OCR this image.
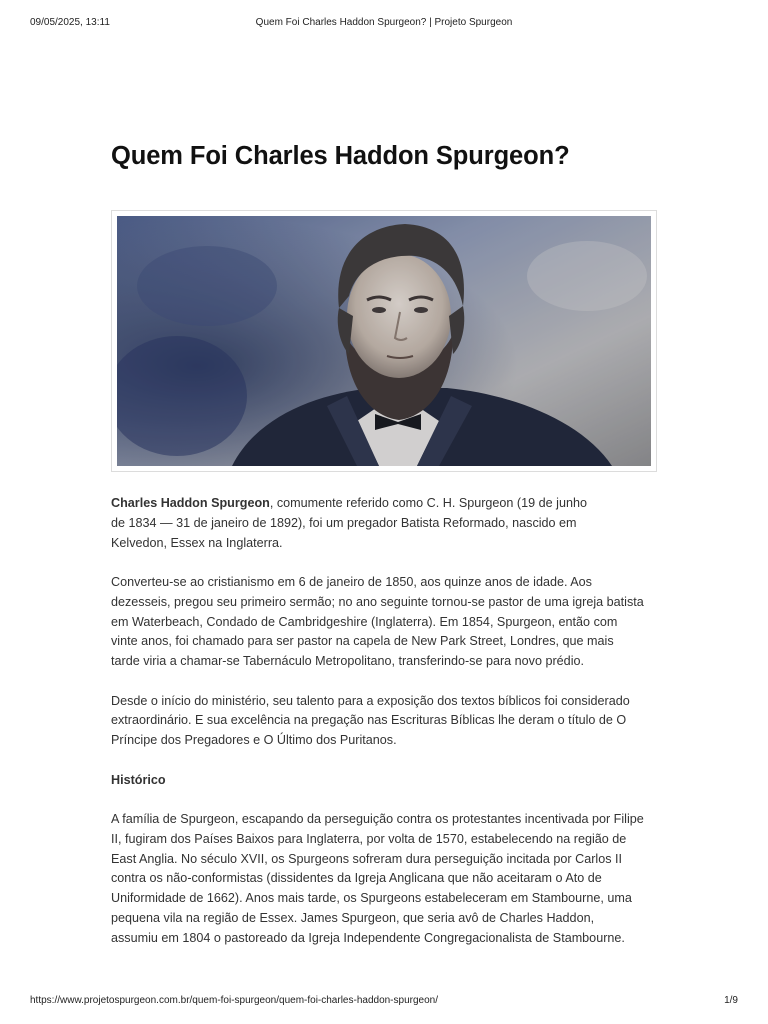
09/05/2025, 13:11	Quem Foi Charles Haddon Spurgeon? | Projeto Spurgeon
Quem Foi Charles Haddon Spurgeon?

Charles Haddon Spurgeon, comumente referido como C. H. Spurgeon (19 de junho
de 1834 — 31 de janeiro de 1892), foi um pregador Batista Reformado, nascido em
Kelvedon, Essex na Inglaterra.

Converteu-se ao cristianismo em 6 de janeiro de 1850, aos quinze anos de idade. Aos
dezesseis, pregou seu primeiro sermão; no ano seguinte tornou-se pastor de uma igreja batista
em Waterbeach, Condado de Cambridgeshire (Inglaterra). Em 1854, Spurgeon, então com
vinte anos, foi chamado para ser pastor na capela de New Park Street, Londres, que mais
tarde viria a chamar-se Tabernáculo Metropolitano, transferindo-se para novo prédio.

Desde o início do ministério, seu talento para a exposição dos textos bíblicos foi considerado
extraordinário. E sua excelência na pregação nas Escrituras Bíblicas lhe deram o título de O
Príncipe dos Pregadores e O Último dos Puritanos.

Histórico

A família de Spurgeon, escapando da perseguição contra os protestantes incentivada por Filipe
II, fugiram dos Países Baixos para Inglaterra, por volta de 1570, estabelecendo na região de
East Anglia. No século XVII, os Spurgeons sofreram dura perseguição incitada por Carlos II
contra os não-conformistas (dissidentes da Igreja Anglicana que não aceitaram o Ato de
Uniformidade de 1662). Anos mais tarde, os Spurgeons estabeleceram em Stambourne, uma
pequena vila na região de Essex. James Spurgeon, que seria avô de Charles Haddon,
assumiu em 1804 o pastoreado da Igreja Independente Congregacionalista de Stambourne.

https://www.projetospurgeon.com.br/quem-foi-spurgeon/quem-foi-charles-haddon-spurgeon/	1/9
